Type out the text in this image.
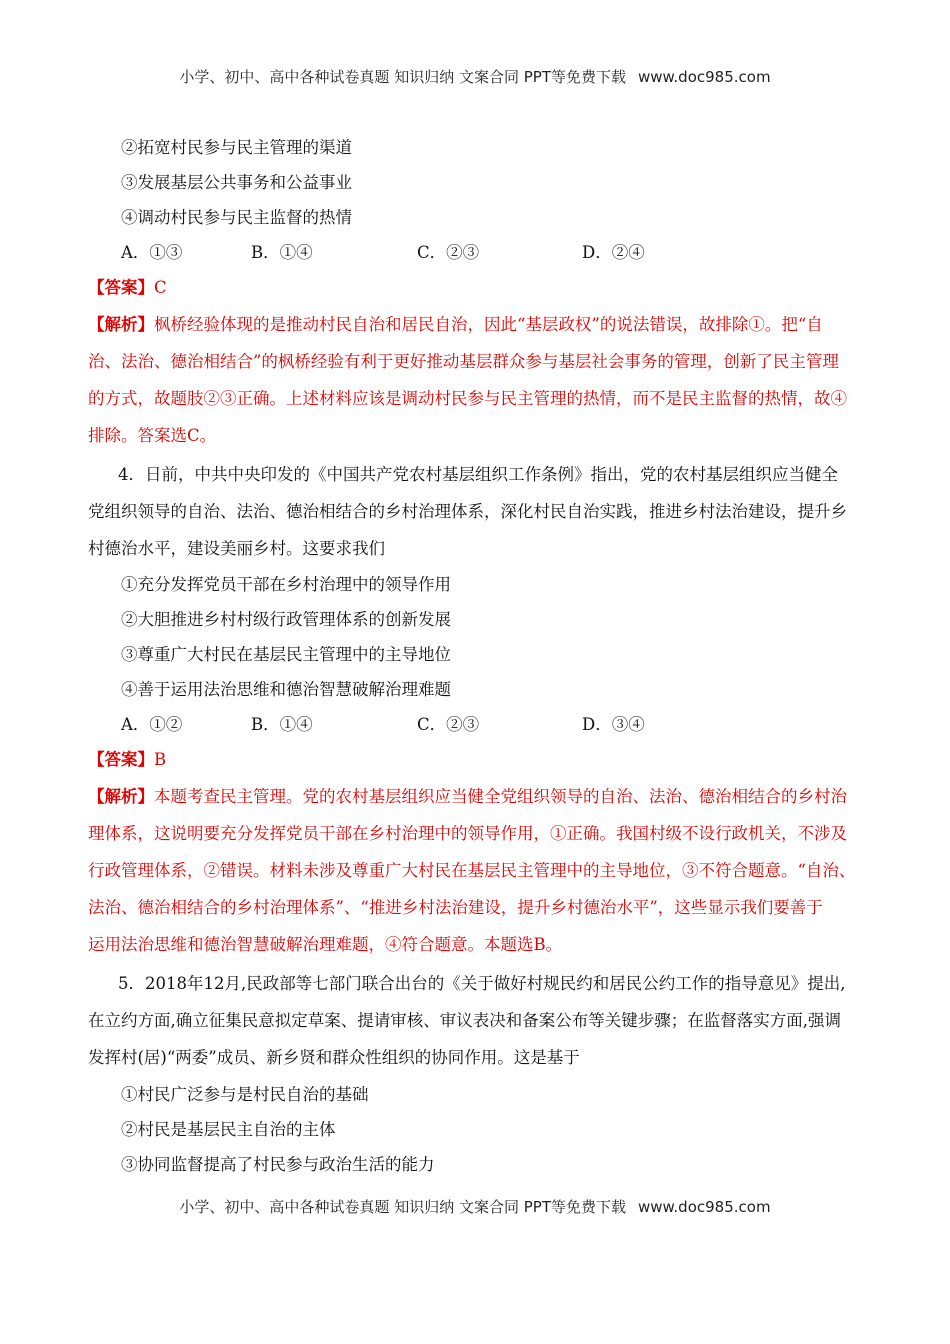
小学、初中、高中各种试卷真题 知识归纳 文案合同 PPT等免费下载 www.doc985.com
②拓宽村民参与民主管理的渠道
③发展基层公共事务和公益事业
④调动村民参与民主监督的热情
A．①③	B．①④	C．②③	D．②④
【答案】C
【解析】枫桥经验体现的是推动村民自治和居民自治，因此“基层政权”的说法错误，故排除①。把“自
治、法治、德治相结合”的枫桥经验有利于更好推动基层群众参与基层社会事务的管理，创新了民主管理
的方式，故题肢②③正确。上述材料应该是调动村民参与民主管理的热情，而不是民主监督的热情，故④
排除。答案选C。
4．日前，中共中央印发的《中国共产党农村基层组织工作条例》指出，党的农村基层组织应当健全
党组织领导的自治、法治、德治相结合的乡村治理体系，深化村民自治实践，推进乡村法治建设，提升乡
村德治水平，建设美丽乡村。这要求我们
①充分发挥党员干部在乡村治理中的领导作用
②大胆推进乡村村级行政管理体系的创新发展
③尊重广大村民在基层民主管理中的主导地位
④善于运用法治思维和德治智慧破解治理难题
A．①②	B．①④	C．②③	D．③④
【答案】B
【解析】本题考查民主管理。党的农村基层组织应当健全党组织领导的自治、法治、德治相结合的乡村治
理体系，这说明要充分发挥党员干部在乡村治理中的领导作用，①正确。我国村级不设行政机关，不涉及
行政管理体系，②错误。材料未涉及尊重广大村民在基层民主管理中的主导地位，③不符合题意。“自治、
法治、德治相结合的乡村治理体系”、“推进乡村法治建设，提升乡村德治水平”，这些显示我们要善于
运用法治思维和德治智慧破解治理难题，④符合题意。本题选B。
5．2018年12月,民政部等七部门联合出台的《关于做好村规民约和居民公约工作的指导意见》提出,
在立约方面,确立征集民意拟定草案、提请审核、审议表决和备案公布等关键步骤；在监督落实方面,强调
发挥村(居)“两委”成员、新乡贤和群众性组织的协同作用。这是基于
①村民广泛参与是村民自治的基础
②村民是基层民主自治的主体
③协同监督提高了村民参与政治生活的能力
小学、初中、高中各种试卷真题 知识归纳 文案合同 PPT等免费下载 www.doc985.com
